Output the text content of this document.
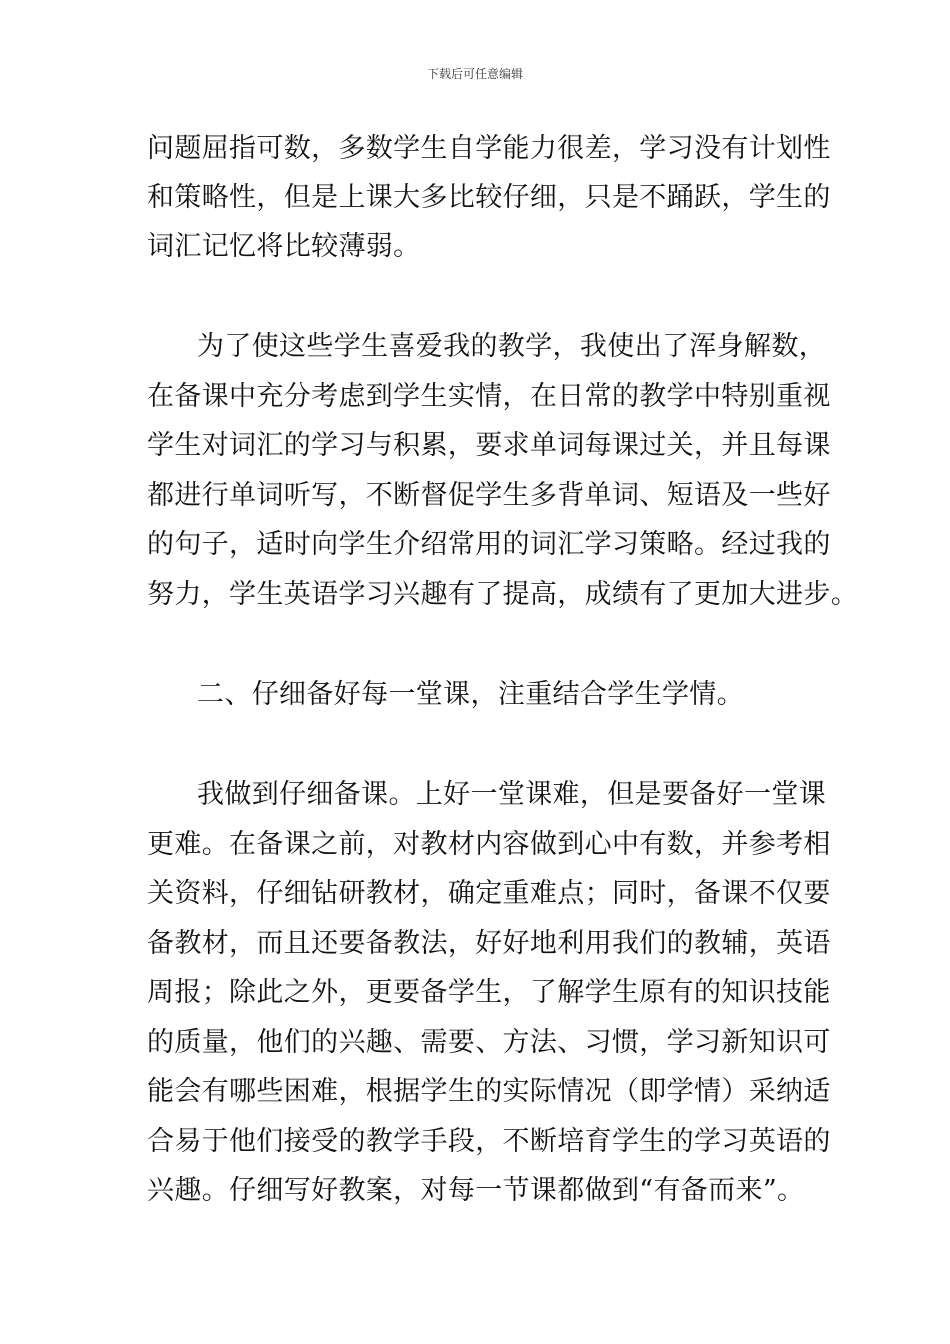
下载后可任意编辑
问题屈指可数，多数学生自学能力很差，学习没有计划性
和策略性，但是上课大多比较仔细，只是不踊跃，学生的
词汇记忆将比较薄弱。
为了使这些学生喜爱我的教学，我使出了浑身解数，
在备课中充分考虑到学生实情，在日常的教学中特别重视
学生对词汇的学习与积累，要求单词每课过关，并且每课
都进行单词听写，不断督促学生多背单词、短语及一些好
的句子，适时向学生介绍常用的词汇学习策略。经过我的
努力，学生英语学习兴趣有了提高，成绩有了更加大进步。
二、仔细备好每一堂课，注重结合学生学情。
我做到仔细备课。上好一堂课难，但是要备好一堂课
更难。在备课之前，对教材内容做到心中有数，并参考相
关资料，仔细钻研教材，确定重难点；同时，备课不仅要
备教材，而且还要备教法，好好地利用我们的教辅，英语
周报；除此之外，更要备学生，了解学生原有的知识技能
的质量，他们的兴趣、需要、方法、习惯，学习新知识可
能会有哪些困难，根据学生的实际情况（即学情）采纳适
合易于他们接受的教学手段，不断培育学生的学习英语的
兴趣。仔细写好教案，对每一节课都做到“有备而来”。
